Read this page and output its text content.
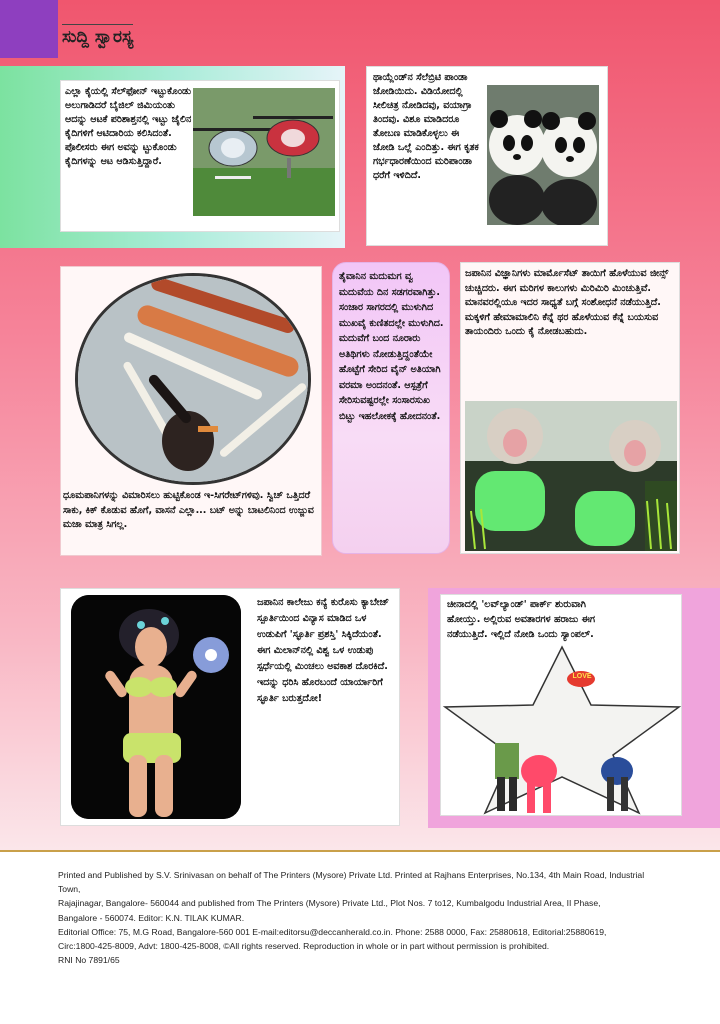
ಸುದ್ದಿ ಸ್ವಾರಸ್ಯ
ಎಲ್ಲಾ ಕೈಯಲ್ಲಿ ಸೆಲ್‌ಫೋನ್ ಇಟ್ಟುಕೊಂಡು ಅಲುಗಾಡಿದರೆ ಬೈಜಿಲ್ ಜಿಮಿಯಂತು ಆದನ್ನು ಆಟಕೆ ಪರಿಶಾಶ್ತನಲ್ಲಿ ಇಟ್ಟು ಜೈಲಿನ ಕೈದಿಗಳಿಗೆ ಆಟಿದಾರಿಯ ಕಲಿಸಿದಂತೆ. ಪೊಲೀಸರು ಈಗ ಅವನ್ನು ಟ್ಟುಕೊಂಡು ಕೈದಿಗಳನ್ನು ಆಟ ಆಡಿಸುತ್ತಿದ್ದಾರೆ.
ಥಾಯ್ಲೆಂಡ್‌ನ ಸೆಲೆಬ್ರಿಟಿ ಪಾಂಡಾ ಜೋಡಿಯಿದು. ವಿಡಿಯೋದಲ್ಲಿ ಸೀಲಿಚಿತ್ರ ನೋಡಿದವು, ವಯಾಗ್ರಾ ತಿಂದವು. ವಿಶೂ ಮಾಡಿದರೂ ತೋಬಣ ಮಾಡಿಕೊಳ್ಳಲು ಈ ಜೋಡಿ ಒಲ್ಲೆ ಎಂದಿತ್ತು. ಈಗ ಕೃತಕ ಗರ್ಭಧಾರಣೆಯಿಂದ ಮರಿಪಾಂಡಾ ಧರೆಗೆ ಇಳಿದಿದೆ.
ಧೂಮಪಾನಿಗಳನ್ನು ವಿಮಾರಿಸಲು ಹುಟ್ಟಿಕೊಂಡ ಇ-ಸಿಗರೇಟ್‌ಗಳಿವು. ಸ್ವಿಚ್ ಒತ್ತಿದರೆ ಸಾಕು, ಕಿಕ್ ಕೊಡುವ ಹೊಗೆ, ವಾಸನೆ ಎಲ್ಲಾ... ಬಟ್ ಅನ್ನು ಬಾಟಲಿನಿಂದ ಉಜ್ಜುವ ಮಜಾ ಮಾತ್ರ ಸಿಗಲ್ಲ.
ತೈವಾನಿನ ಮದುಮಗ ವ್ವ ಮದುವೆಯ ದಿನ ಸಡಗರವಾಗಿತ್ತು. ಸಂಜಾರ ಸಾಗರದಲ್ಲಿ ಮುಳುಗಿದ ಮುಖವೈ ಕುಣಿತದಲ್ಲೇ ಮುಳುಗಿದ. ಮದುವೆಗೆ ಬಂದ ನೂರಾರು ಅತಿಥಿಗಳು ನೋಡುತ್ತಿದ್ದಂತೆಯೇ ಹೊಟ್ಟೆಗೆ ಸೇರಿದ ವೈನ್ ಅತಿಯಾಗಿ ವರಮಾ ಅಂದನಂತೆ. ಆಸ್ಪತ್ರೆಗೆ ಸೇರಿಸುವಷ್ಟರಲ್ಲೇ ಸಂಸಾರಸುಖ ಬಿಟ್ಟು ಇಹಲೋಕಕ್ಕೆ ಹೋದನಂತೆ.
ಜಪಾನಿನ ವಿಜ್ಞಾನಿಗಳು ಮಾರ್ಮೊಸೆಟ್ ತಾಯಿಗೆ ಹೊಳೆಯುವ ಜೀನ್ಸ್ ಚುಚ್ಚಿದರು. ಈಗ ಮರಿಗಳ ಕಾಲುಗಳು ಮಿರಿಮಿರಿ ಮಿಂಚುತ್ತಿವೆ. ಮಾನವರಲ್ಲಿಯೂ ಇದರ ಸಾಧ್ಯತೆ ಬಗ್ಗೆ ಸಂಶೋಧನೆ ನಡೆಯುತ್ತಿದೆ. ಮಕ್ಕಳಿಗೆ ಹೇಮಾಮಾಲಿನಿ ಕೆನ್ನೆ ಥರ ಹೊಳೆಯುವ ಕೆನ್ನೆ ಬಯಸುವ ತಾಯಂದಿರು ಒಂದು ಕೈ ನೋಡಬಹುದು.
ಜಪಾನಿನ ಕಾಲೇಜು ಕನ್ಯೆ ಕುರೊಸು ಕ್ಯಾಬೇಜ್ ಸ್ಪೂರ್ತಿಯಿಂದ ವಿನ್ಯಾಸ ಮಾಡಿದ ಒಳ ಉಡುಪಿಗೆ 'ಸ್ಫೂರ್ತಿ ಪ್ರಶಸ್ತಿ' ಸಿಕ್ಕಿದೆಯಂತೆ. ಈಗ ಮಿಲಾನ್‌ನಲ್ಲಿ ವಿಶ್ವ ಒಳ ಉಡುಪು ಸ್ಪರ್ಧೆಯಲ್ಲಿ ಮಿಂಚಲು ಅವಕಾಶ ದೊರಕಿದೆ. ಇದನ್ನು ಧರಿಸಿ ಹೊರಬಂದೆ ಯಾರ್ಯಾರಿಗೆ ಸ್ಫೂರ್ತಿ ಬರುತ್ತದೋ!
ಚೀನಾದಲ್ಲಿ 'ಲವ್‌ಲ್ಯಾಂಡ್' ಪಾರ್ಕ್ ಶುರುವಾಗಿ ಹೋಯ್ತು. ಅಲ್ಲಿರುವ ಅವತಾರಗಳ ಹರಾಜು ಈಗ ನಡೆಯುತ್ತಿದೆ. ಇಲ್ಲಿದೆ ನೋಡಿ ಒಂದು ಸ್ಯಾಂಪಲ್.
LOVE
Printed and Published by S.V. Srinivasan on behalf of The Printers (Mysore) Private Ltd. Printed at Rajhans Enterprises, No.134, 4th Main Road, Industrial Town,
Rajajinagar, Bangalore- 560044 and published from The Printers (Mysore) Private Ltd., Plot Nos. 7 to12, Kumbalgodu Industrial Area, II Phase,
Bangalore - 560074. Editor: K.N. TILAK KUMAR.
Editorial Office: 75, M.G Road, Bangalore-560 001 E-mail:editorsu@deccanherald.co.in. Phone: 2588 0000, Fax: 25880618, Editorial:25880619,
Circ:1800-425-8009, Advt: 1800-425-8008, ©All rights reserved. Reproduction in whole or in part without permission is prohibited.
RNI No 7891/65
